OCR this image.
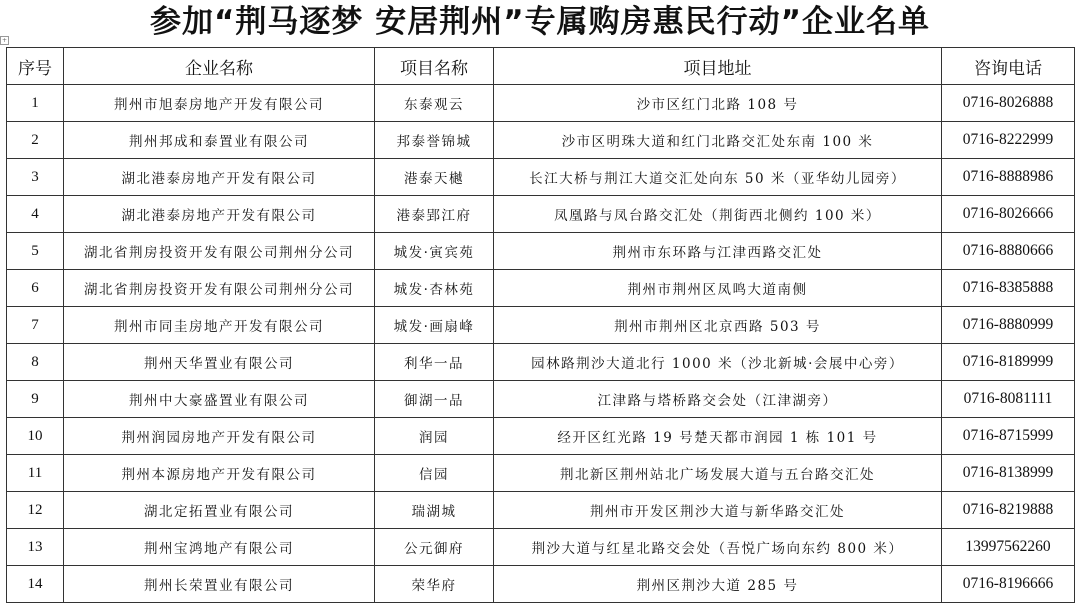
参加“荆马逐梦 安居荆州”专属购房惠民行动”企业名单
+
序号	企业名称	项目名称	项目地址	咨询电话
1	荆州市旭泰房地产开发有限公司	东泰观云	沙市区红门北路 108 号	0716-8026888
2	荆州邦成和泰置业有限公司	邦泰誉锦城	沙市区明珠大道和红门北路交汇处东南 100 米	0716-8222999
3	湖北港泰房地产开发有限公司	港泰天樾	长江大桥与荆江大道交汇处向东 50 米（亚华幼儿园旁）	0716-8888986
4	湖北港泰房地产开发有限公司	港泰郢江府	凤凰路与凤台路交汇处（荆街西北侧约 100 米）	0716-8026666
5	湖北省荆房投资开发有限公司荆州分公司	城发·寅宾苑	荆州市东环路与江津西路交汇处	0716-8880666
6	湖北省荆房投资开发有限公司荆州分公司	城发·杏林苑	荆州市荆州区凤鸣大道南侧	0716-8385888
7	荆州市同圭房地产开发有限公司	城发·画扇峰	荆州市荆州区北京西路 503 号	0716-8880999
8	荆州天华置业有限公司	利华一品	园林路荆沙大道北行 1000 米（沙北新城·会展中心旁）	0716-8189999
9	荆州中大豪盛置业有限公司	御湖一品	江津路与塔桥路交会处（江津湖旁）	0716-8081111
10	荆州润园房地产开发有限公司	润园	经开区红光路 19 号楚天都市润园 1 栋 101 号	0716-8715999
11	荆州本源房地产开发有限公司	信园	荆北新区荆州站北广场发展大道与五台路交汇处	0716-8138999
12	湖北定拓置业有限公司	瑞湖城	荆州市开发区荆沙大道与新华路交汇处	0716-8219888
13	荆州宝鸿地产有限公司	公元御府	荆沙大道与红星北路交会处（吾悦广场向东约 800 米）	13997562260
14	荆州长荣置业有限公司	荣华府	荆州区荆沙大道 285 号	0716-8196666
